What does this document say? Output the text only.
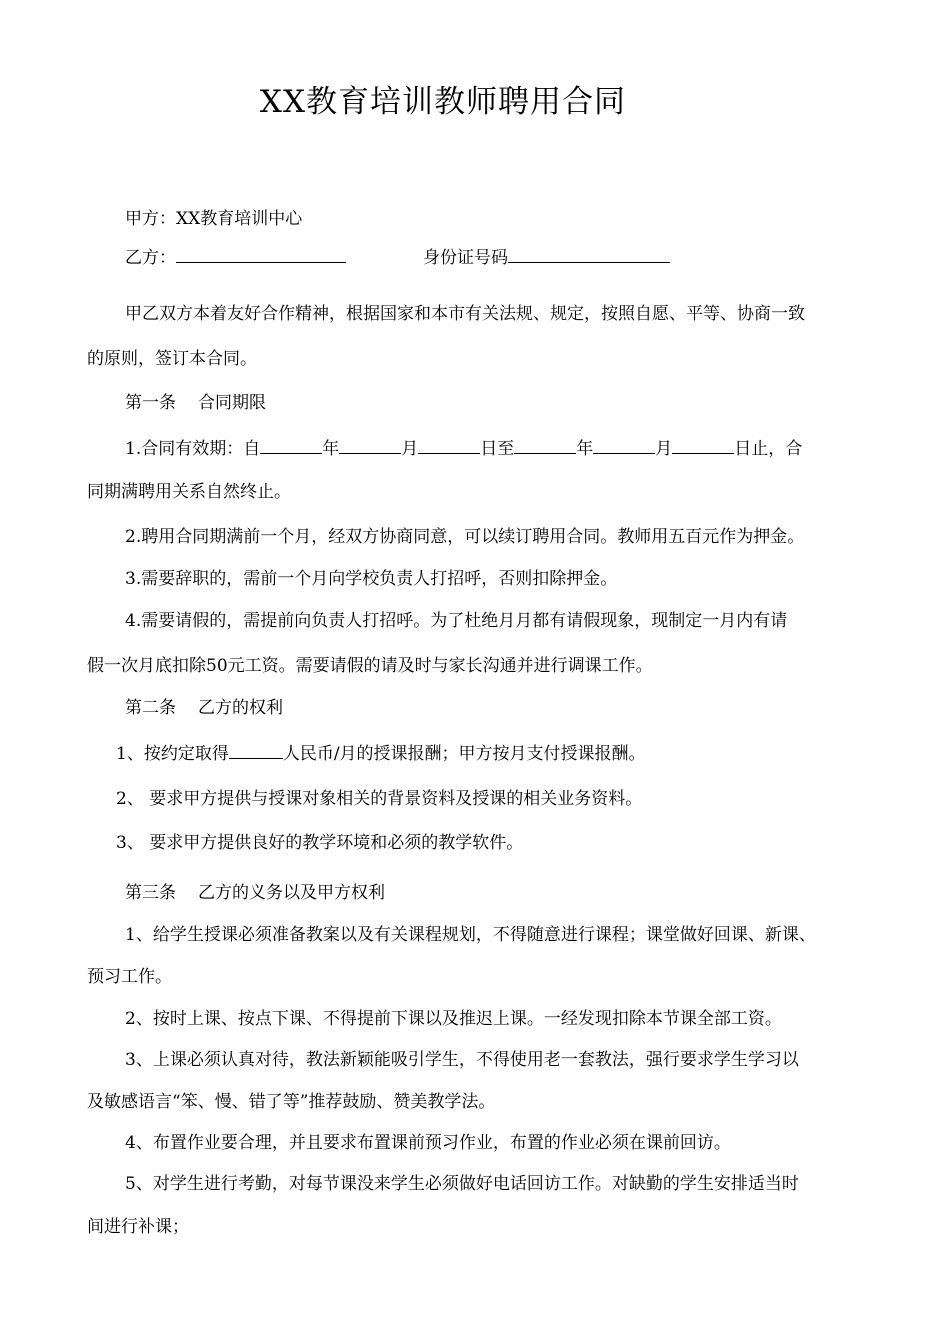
XX教育培训教师聘用合同
甲方：XX教育培训中心
乙方：	身份证号码
甲乙双方本着友好合作精神，根据国家和本市有关法规、规定，按照自愿、平等、协商一致
的原则，签订本合同。
第一条 合同期限
1.合同有效期：自	年	月	日至	年	月	日止，合
同期满聘用关系自然终止。
2.聘用合同期满前一个月，经双方协商同意，可以续订聘用合同。教师用五百元作为押金。
3.需要辞职的，需前一个月向学校负责人打招呼，否则扣除押金。
4.需要请假的，需提前向负责人打招呼。为了杜绝月月都有请假现象，现制定一月内有请
假一次月底扣除50元工资。需要请假的请及时与家长沟通并进行调课工作。
第二条 乙方的权利
1、按约定取得	人民币/月的授课报酬；甲方按月支付授课报酬。
2、 要求甲方提供与授课对象相关的背景资料及授课的相关业务资料。
3、 要求甲方提供良好的教学环境和必须的教学软件。
第三条 乙方的义务以及甲方权利
1、给学生授课必须准备教案以及有关课程规划，不得随意进行课程；课堂做好回课、新课、
预习工作。
2、按时上课、按点下课、不得提前下课以及推迟上课。一经发现扣除本节课全部工资。
3、上课必须认真对待，教法新颖能吸引学生，不得使用老一套教法，强行要求学生学习以
及敏感语言“笨、慢、错了等”推荐鼓励、赞美教学法。
4、布置作业要合理，并且要求布置课前预习作业，布置的作业必须在课前回访。
5、对学生进行考勤，对每节课没来学生必须做好电话回访工作。对缺勤的学生安排适当时
间进行补课；
